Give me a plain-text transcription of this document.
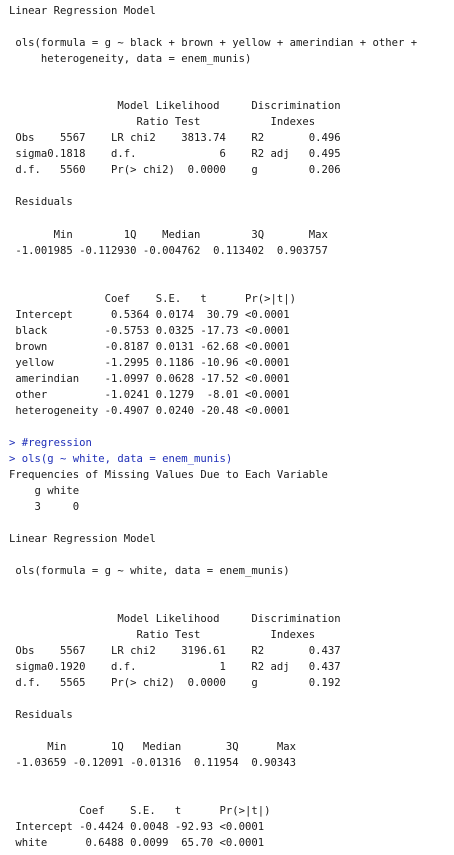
Linear Regression Model
ols(formula = g ~ black + brown + yellow + amerindian + other +
heterogeneity, data = enem_munis)
Model Likelihood     Discrimination
Ratio Test           Indexes
Obs    5567    LR chi2    3813.74    R2       0.496
sigma0.1818    d.f.             6    R2 adj   0.495
d.f.   5560    Pr(> chi2)  0.0000    g        0.206
Residuals
Min        1Q    Median        3Q       Max
-1.001985 -0.112930 -0.004762  0.113402  0.903757
Coef    S.E.   t      Pr(>|t|)
Intercept      0.5364 0.0174  30.79 <0.0001
black         -0.5753 0.0325 -17.73 <0.0001
brown         -0.8187 0.0131 -62.68 <0.0001
yellow        -1.2995 0.1186 -10.96 <0.0001
amerindian    -1.0997 0.0628 -17.52 <0.0001
other         -1.0241 0.1279  -8.01 <0.0001
heterogeneity -0.4907 0.0240 -20.48 <0.0001
> #regression
> ols(g ~ white, data = enem_munis)
Frequencies of Missing Values Due to Each Variable
g white
3     0
Linear Regression Model
ols(formula = g ~ white, data = enem_munis)
Model Likelihood     Discrimination
Ratio Test           Indexes
Obs    5567    LR chi2    3196.61    R2       0.437
sigma0.1920    d.f.             1    R2 adj   0.437
d.f.   5565    Pr(> chi2)  0.0000    g        0.192
Residuals
Min       1Q   Median       3Q      Max
-1.03659 -0.12091 -0.01316  0.11954  0.90343
Coef    S.E.   t      Pr(>|t|)
Intercept -0.4424 0.0048 -92.93 <0.0001
white      0.6488 0.0099  65.70 <0.0001
